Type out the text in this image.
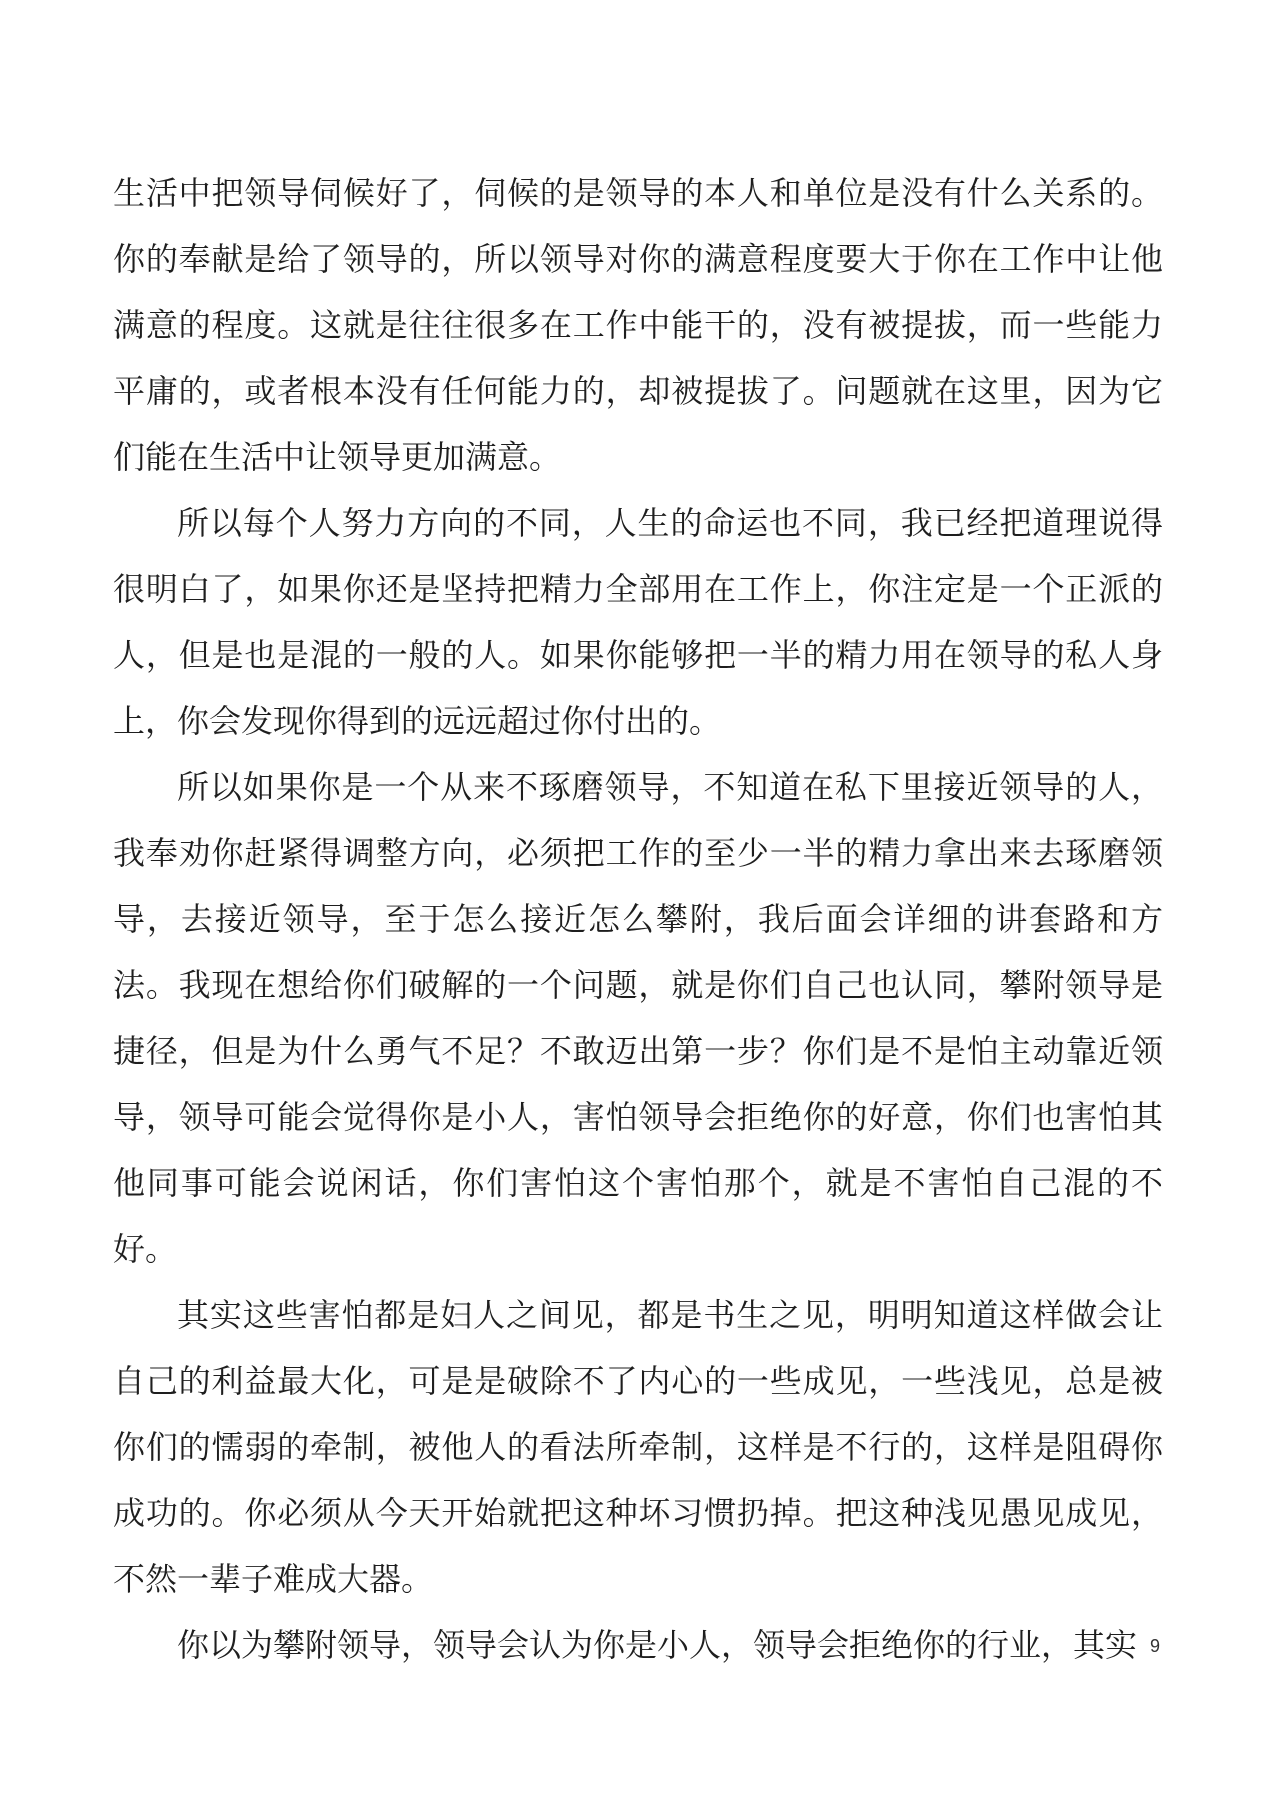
生活中把领导伺候好了，伺候的是领导的本人和单位是没有什么关系的。你的奉献是给了领导的，所以领导对你的满意程度要大于你在工作中让他满意的程度。这就是往往很多在工作中能干的，没有被提拔，而一些能力平庸的，或者根本没有任何能力的，却被提拔了。问题就在这里，因为它们能在生活中让领导更加满意。

所以每个人努力方向的不同，人生的命运也不同，我已经把道理说得很明白了，如果你还是坚持把精力全部用在工作上，你注定是一个正派的人，但是也是混的一般的人。如果你能够把一半的精力用在领导的私人身上，你会发现你得到的远远超过你付出的。

所以如果你是一个从来不琢磨领导，不知道在私下里接近领导的人，我奉劝你赶紧得调整方向，必须把工作的至少一半的精力拿出来去琢磨领导，去接近领导，至于怎么接近怎么攀附，我后面会详细的讲套路和方法。我现在想给你们破解的一个问题，就是你们自己也认同，攀附领导是捷径，但是为什么勇气不足？不敢迈出第一步？你们是不是怕主动靠近领导，领导可能会觉得你是小人，害怕领导会拒绝你的好意，你们也害怕其他同事可能会说闲话，你们害怕这个害怕那个，就是不害怕自己混的不好。

其实这些害怕都是妇人之间见，都是书生之见，明明知道这样做会让自己的利益最大化，可是是破除不了内心的一些成见，一些浅见，总是被你们的懦弱的牵制，被他人的看法所牵制，这样是不行的，这样是阻碍你成功的。你必须从今天开始就把这种坏习惯扔掉。把这种浅见愚见成见，不然一辈子难成大器。

你以为攀附领导，领导会认为你是小人，领导会拒绝你的行业，其实 9
